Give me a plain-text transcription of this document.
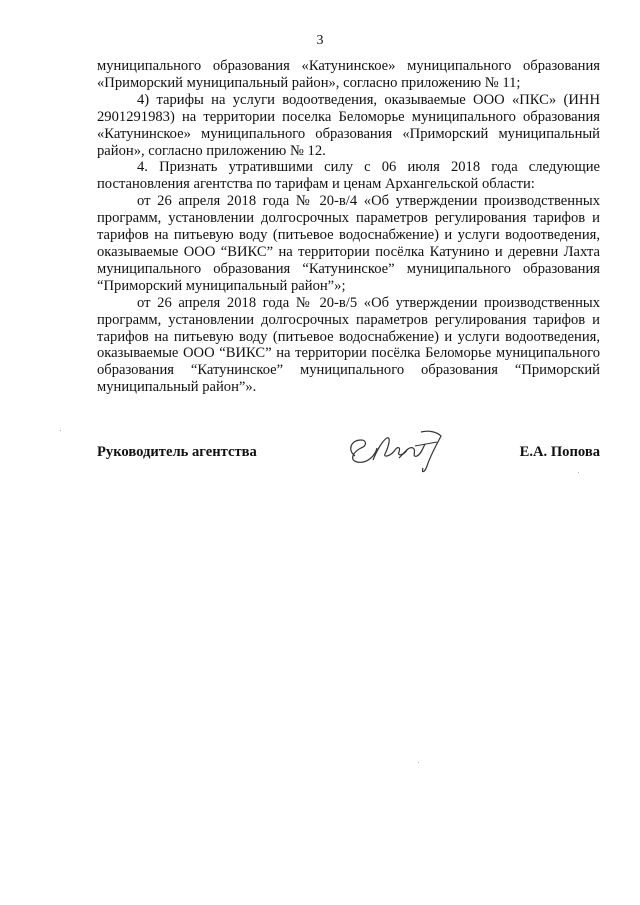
3

муниципального образования «Катунинское» муниципального образования «Приморский муниципальный район», согласно приложению № 11;

4) тарифы на услуги водоотведения, оказываемые ООО «ПКС» (ИНН 2901291983) на территории поселка Беломорье муниципального образования «Катунинское» муниципального образования «Приморский муниципальный район», согласно приложению № 12.

4. Признать утратившими силу с 06 июля 2018 года следующие постановления агентства по тарифам и ценам Архангельской области:

от 26 апреля 2018 года № 20-в/4 «Об утверждении производственных программ, установлении долгосрочных параметров регулирования тарифов и тарифов на питьевую воду (питьевое водоснабжение) и услуги водоотведения, оказываемые ООО “ВИКС” на территории посёлка Катунино и деревни Лахта муниципального образования “Катунинское” муниципального образования “Приморский муниципальный район”»;

от 26 апреля 2018 года № 20-в/5 «Об утверждении производственных программ, установлении долгосрочных параметров регулирования тарифов и тарифов на питьевую воду (питьевое водоснабжение) и услуги водоотведения, оказываемые ООО “ВИКС” на территории посёлка Беломорье муниципального образования “Катунинское” муниципального образования “Приморский муниципальный район”».

Руководитель агентства	Е.А. Попова
